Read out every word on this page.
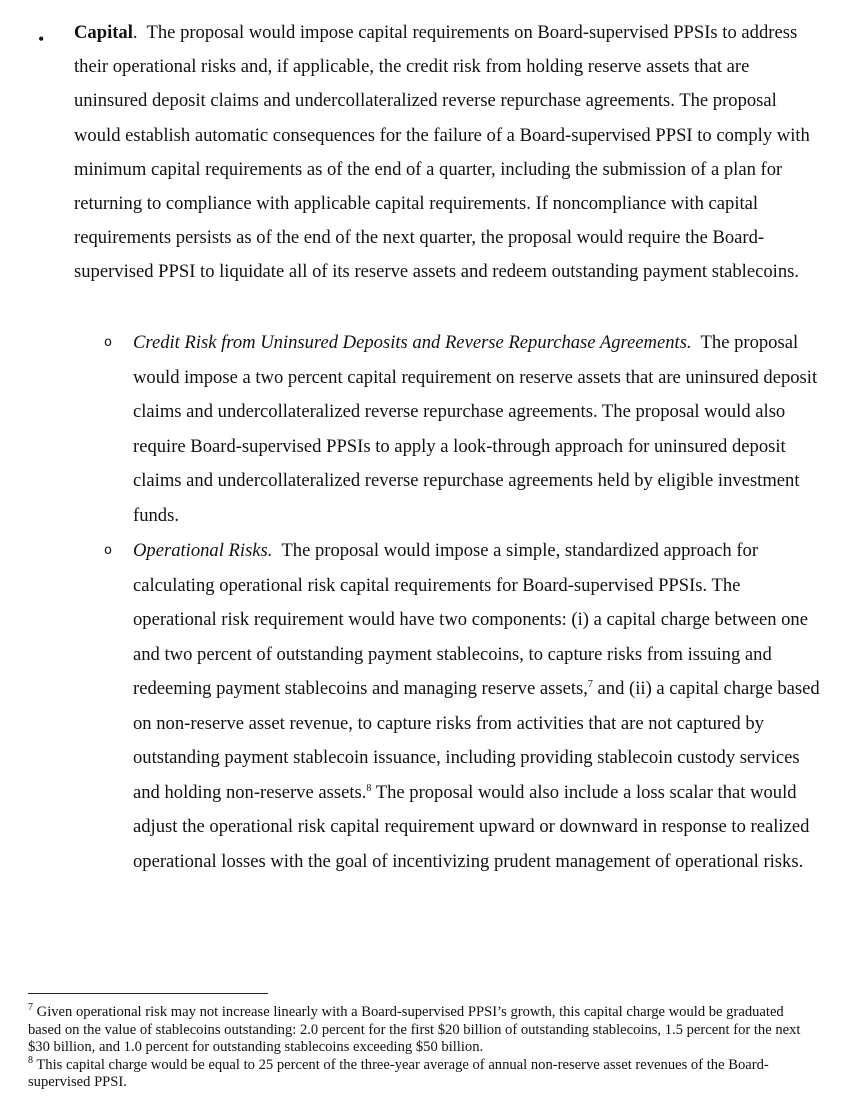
• Capital. The proposal would impose capital requirements on Board-supervised PPSIs to address their operational risks and, if applicable, the credit risk from holding reserve assets that are uninsured deposit claims and undercollateralized reverse repurchase agreements. The proposal would establish automatic consequences for the failure of a Board-supervised PPSI to comply with minimum capital requirements as of the end of a quarter, including the submission of a plan for returning to compliance with applicable capital requirements. If noncompliance with capital requirements persists as of the end of the next quarter, the proposal would require the Board-supervised PPSI to liquidate all of its reserve assets and redeem outstanding payment stablecoins.
o Credit Risk from Uninsured Deposits and Reverse Repurchase Agreements. The proposal would impose a two percent capital requirement on reserve assets that are uninsured deposit claims and undercollateralized reverse repurchase agreements. The proposal would also require Board-supervised PPSIs to apply a look-through approach for uninsured deposit claims and undercollateralized reverse repurchase agreements held by eligible investment funds.
o Operational Risks. The proposal would impose a simple, standardized approach for calculating operational risk capital requirements for Board-supervised PPSIs. The operational risk requirement would have two components: (i) a capital charge between one and two percent of outstanding payment stablecoins, to capture risks from issuing and redeeming payment stablecoins and managing reserve assets,$^7$ and (ii) a capital charge based on non-reserve asset revenue, to capture risks from activities that are not captured by outstanding payment stablecoin issuance, including providing stablecoin custody services and holding non-reserve assets.$^8$ The proposal would also include a loss scalar that would adjust the operational risk capital requirement upward or downward in response to realized operational losses with the goal of incentivizing prudent management of operational risks.

$^7$ Given operational risk may not increase linearly with a Board-supervised PPSI’s growth, this capital charge would be graduated based on the value of stablecoins outstanding: 2.0 percent for the first $20 billion of outstanding stablecoins, 1.5 percent for the next $30 billion, and 1.0 percent for outstanding stablecoins exceeding $50 billion.

$^8$ This capital charge would be equal to 25 percent of the three-year average of annual non-reserve asset revenues of the Board-supervised PPSI.
